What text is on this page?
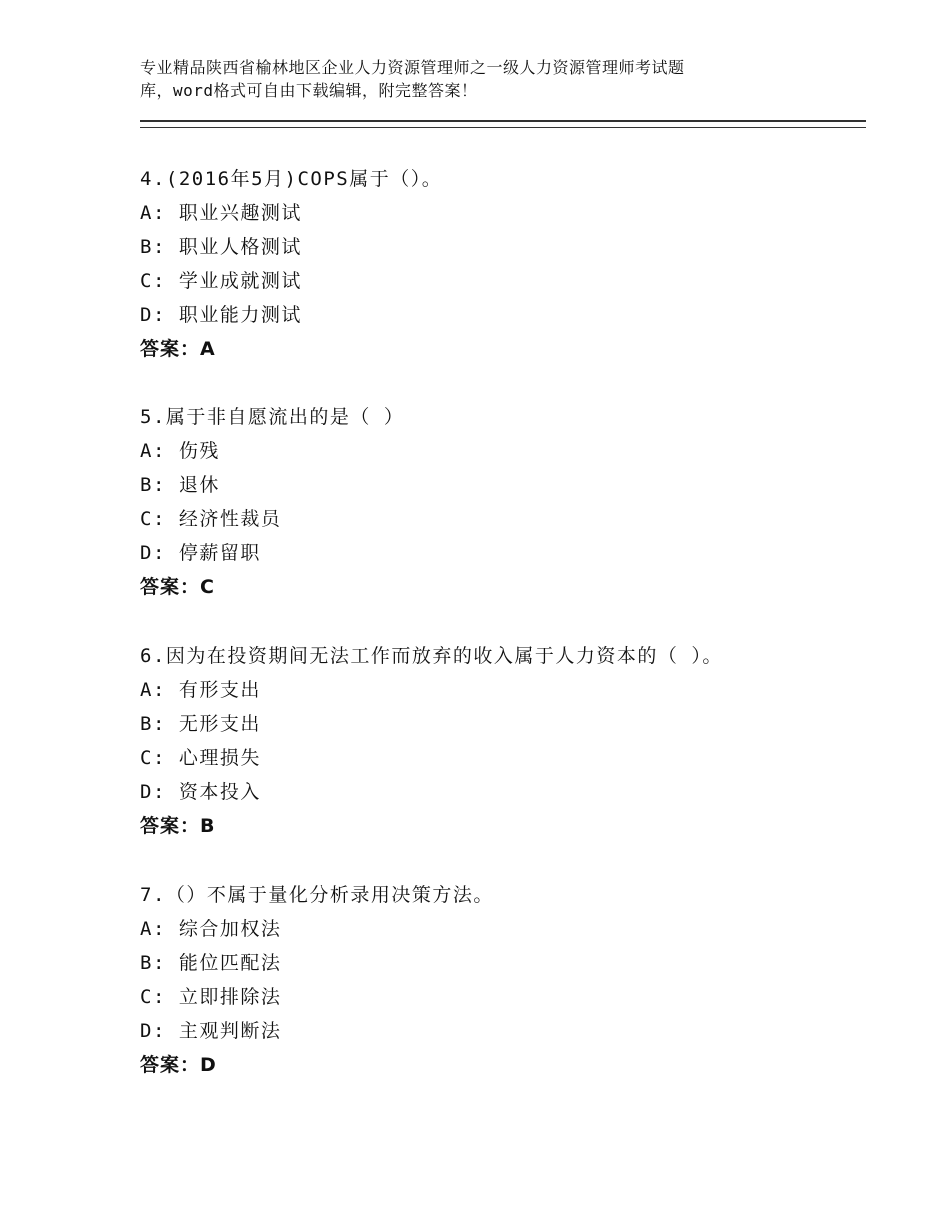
专业精品陕西省榆林地区企业人力资源管理师之一级人力资源管理师考试题
库，word格式可自由下载编辑，附完整答案！
4.(2016年5月)COPS属于（）。
A: 职业兴趣测试
B: 职业人格测试
C: 学业成就测试
D: 职业能力测试
答案：A
5.属于非自愿流出的是（ ）
A: 伤残
B: 退休
C: 经济性裁员
D: 停薪留职
答案：C
6.因为在投资期间无法工作而放弃的收入属于人力资本的（ ）。
A: 有形支出
B: 无形支出
C: 心理损失
D: 资本投入
答案：B
7.（）不属于量化分析录用决策方法。
A: 综合加权法
B: 能位匹配法
C: 立即排除法
D: 主观判断法
答案：D
